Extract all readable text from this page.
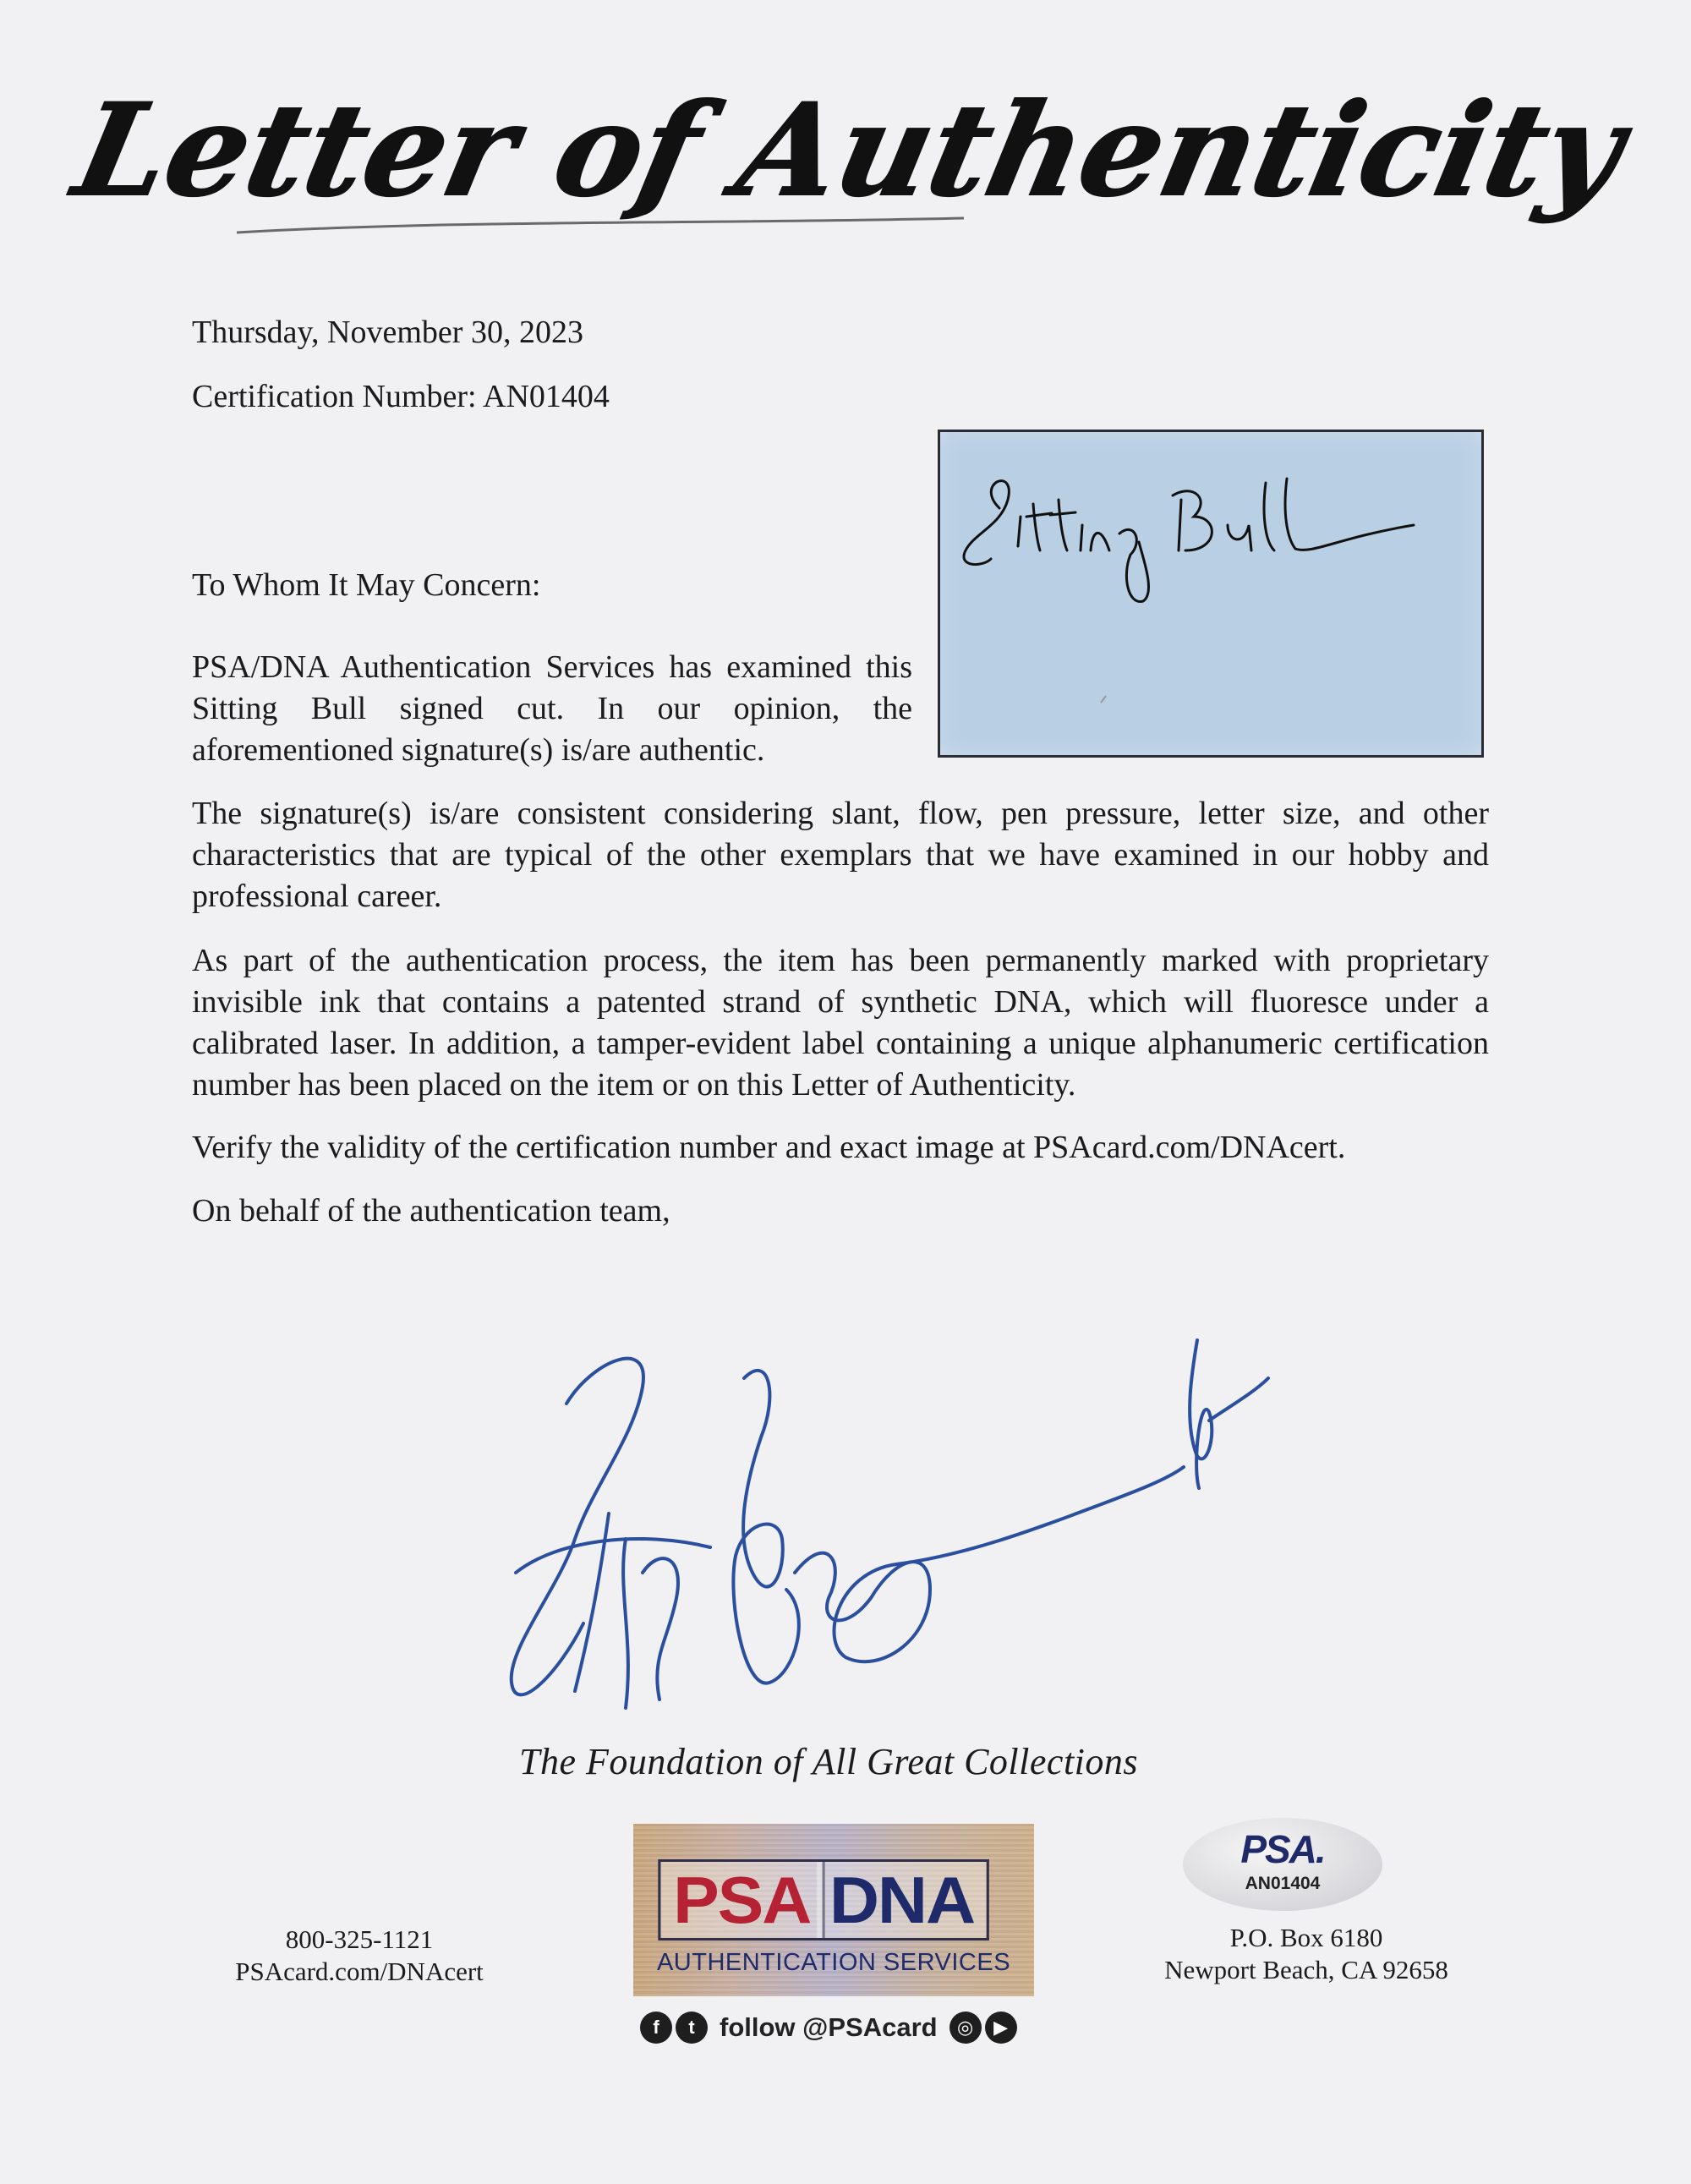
Letter of Authenticity
Thursday, November 30, 2023
Certification Number: AN01404

To Whom It May Concern:

PSA/DNA Authentication Services has examined this Sitting Bull signed cut. In our opinion, the aforementioned signature(s) is/are authentic.

The signature(s) is/are consistent considering slant, flow, pen pressure, letter size, and other characteristics that are typical of the other exemplars that we have examined in our hobby and professional career.

As part of the authentication process, the item has been permanently marked with proprietary invisible ink that contains a patented strand of synthetic DNA, which will fluoresce under a calibrated laser. In addition, a tamper-evident label containing a unique alphanumeric certification number has been placed on the item or on this Letter of Authenticity.

Verify the validity of the certification number and exact image at PSAcard.com/DNAcert.

On behalf of the authentication team,

The Foundation of All Great Collections
800-325-1121
PSAcard.com/DNAcert
PSA DNA
AUTHENTICATION SERVICES
f	t follow @PSAcard	◎	▶
PSA.
AN01404
P.O. Box 6180
Newport Beach, CA 92658
